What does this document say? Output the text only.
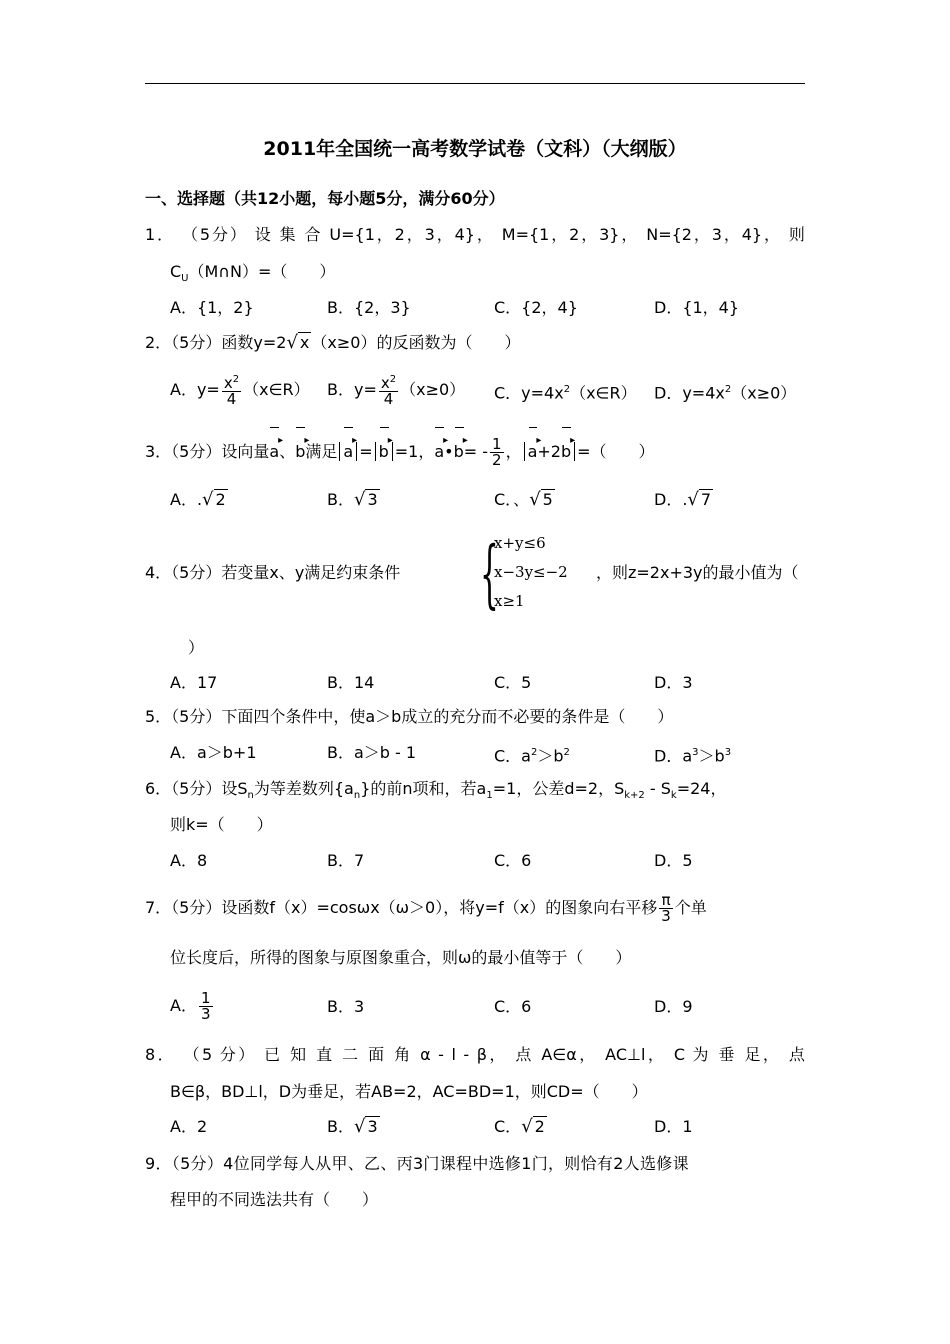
2011年全国统一高考数学试卷（文科）（大纲版）
一、选择题（共12小题，每小题5分，满分60分）
1． （5分） 设 集 合 U={1，2，3，4}， M={1，2，3}， N={2，3，4}， 则
$C_U(M\cap N)=$（　　）
A．{1，2}	B．{2，3}	C．{2，4}	D．{1，4}
2．（5分）函数y=2√ x （x≥0）的反函数为（　　）
A．$y= \frac{x^2}{4}$ （x∈R） B．$y= \frac{x^2}{4} (x\ge 0)$ C．$y=4x^2(x\in R)$ D．$y=4x^2(x\ge 0)$
3．（5分）设向量a ▸、b ▸满足 a ▸ = b ▸ =1，a ▸•b ▸= - $\frac{1}{2}$ ， a ▸+2b ▸ =（　　）
A．.√ 2	B．√ 3	C．、√ 5	D．.√ 7
4．（5分）若变量x、y满足约束条件 {
x+y≤6
x−3y≤−2
x≥1
，则z=2x+3y的最小值为（
）
A．17	B．14	C．5	D．3
5．（5分）下面四个条件中，使a＞b成立的充分而不必要的条件是（　　）
A．a＞b+1	B．a＞b - 1	C．$a^2>b^2$	D．$a^3>b^3$
6．（5分）设$S_n$为等差数列$\{a_n\}$的前n项和，若$a_1=1$，公差d=2，$S_{k+2} - S_k=24$，
则k=（　　）
A．8	B．7	C．6	D．5
7．（5分）设函数f（x）=cosωx（ω＞0），将y=f（x）的图象向右平移 $\frac{\pi}{3}$ 个单
位长度后，所得的图象与原图象重合，则ω的最小值等于（　　）
A． $\frac{1}{3}$	B．3	C．6	D．9
8． （5 分） 已 知 直 二 面 角 α - l - β， 点 A∈α， AC⊥l， C 为 垂 足， 点
B∈β，BD⊥l，D为垂足，若AB=2，AC=BD=1，则CD=（　　）
A．2	B．√ 3	C．√ 2	D．1
9．（5分）4位同学每人从甲、乙、丙3门课程中选修1门，则恰有2人选修课
程甲的不同选法共有（　　）
